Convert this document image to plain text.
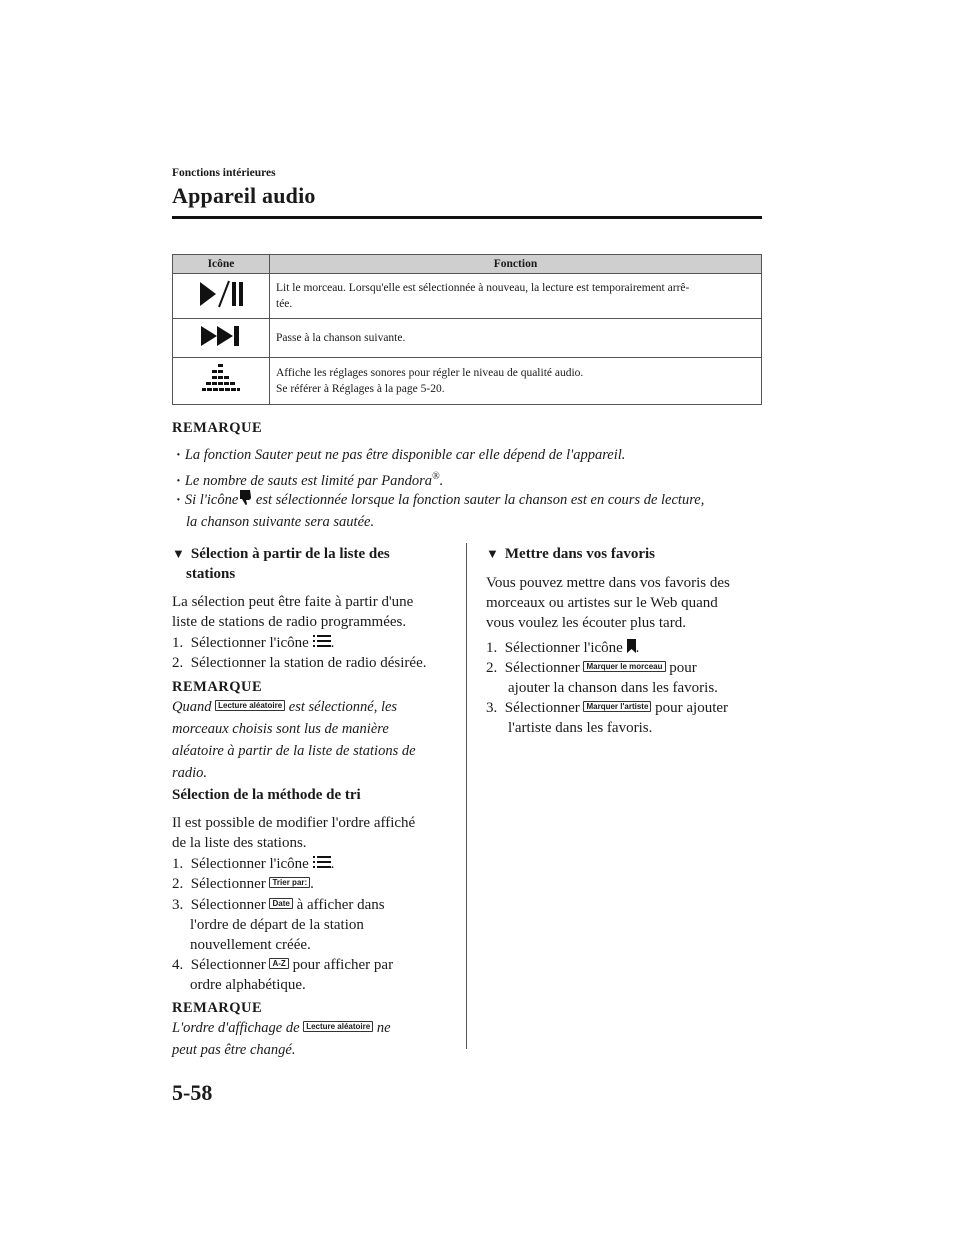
Fonctions intérieures
Appareil audio
Icône	Fonction
	Lit le morceau. Lorsqu'elle est sélectionnée à nouveau, la lecture est temporairement arrê-
tée.
	Passe à la chanson suivante.
	Affiche les réglages sonores pour régler le niveau de qualité audio.
Se référer à Réglages à la page 5-20.
REMARQUE
· La fonction Sauter peut ne pas être disponible car elle dépend de l'appareil.
· Le nombre de sauts est limité par Pandora®.
· Si l'icône est sélectionnée lorsque la fonction sauter la chanson est en cours de lecture,
la chanson suivante sera sautée.
▼ Sélection à partir de la liste des
stations
La sélection peut être faite à partir d'une
liste de stations de radio programmées.
1. Sélectionner l'icône .
2. Sélectionner la station de radio désirée.
REMARQUE
Quand Lecture aléatoire est sélectionné, les
morceaux choisis sont lus de manière
aléatoire à partir de la liste de stations de
radio.
Sélection de la méthode de tri
Il est possible de modifier l'ordre affiché
de la liste des stations.
1. Sélectionner l'icône .
2. Sélectionner Trier par: .
3. Sélectionner Date à afficher dans
l'ordre de départ de la station
nouvellement créée.
4. Sélectionner A-Z pour afficher par
ordre alphabétique.
REMARQUE
L'ordre d'affichage de Lecture aléatoire ne
peut pas être changé.
▼ Mettre dans vos favoris
Vous pouvez mettre dans vos favoris des
morceaux ou artistes sur le Web quand
vous voulez les écouter plus tard.
1. Sélectionner l'icône .
2. Sélectionner Marquer le morceau pour
ajouter la chanson dans les favoris.
3. Sélectionner Marquer l'artiste pour ajouter
l'artiste dans les favoris.
5-58
